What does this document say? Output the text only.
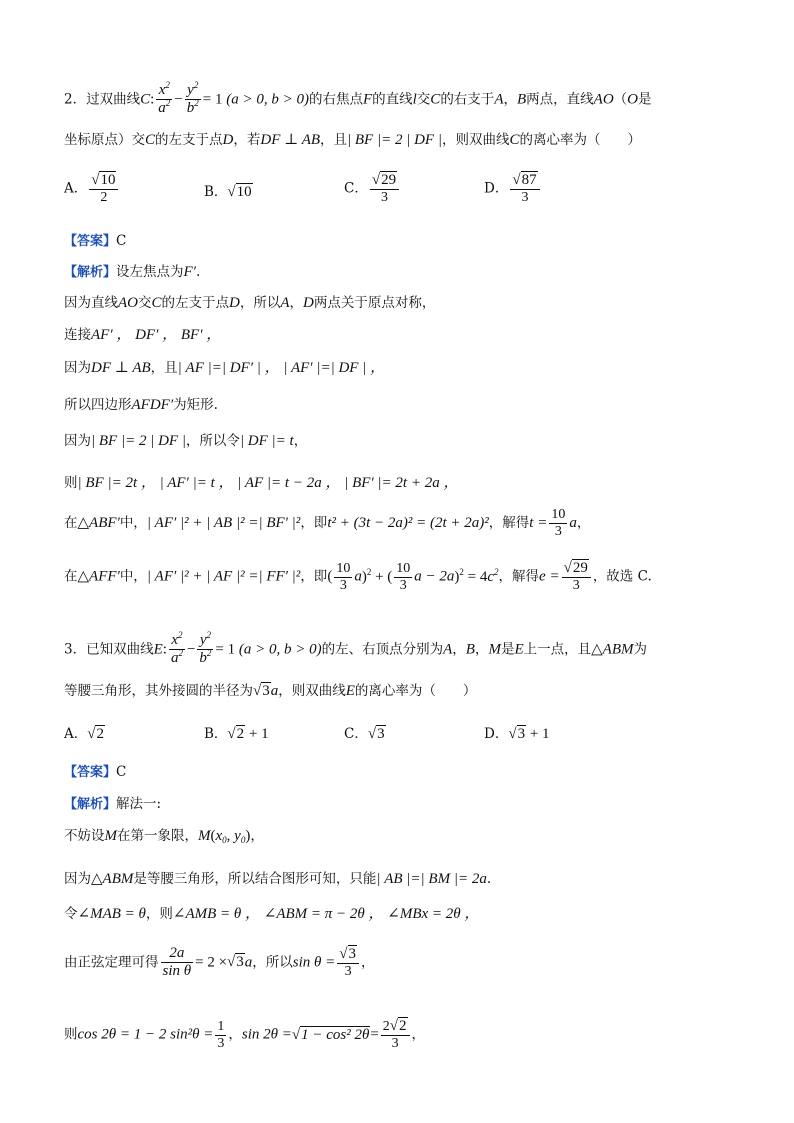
2．过双曲线C: $\frac{x^2}{a^2} - \frac{y^2}{b^2} = 1$ (a > 0, b > 0)的右焦点F的直线l交C的右支于A，B两点，直线AO（O是
坐标原点）交C的左支于点D，若DF ⊥ AB，且| BF |= 2 | DF |，则双曲线C的离心率为（　　）
A． $\frac{√10}{2}$	B．√10	C． $\frac{√29}{3}$	D． $\frac{√87}{3}$
【答案】C
【解析】设左焦点为F′.
因为直线AO交C的左支于点D，所以A，D两点关于原点对称，
连接AF′ ， DF′ ， BF′ ，
因为DF ⊥ AB，且| AF |=| DF′ | ， | AF′ |=| DF | ，
所以四边形AFDF′为矩形.
因为| BF |= 2 | DF |，所以令| DF |= t，
则| BF |= 2t ， | AF′ |= t ， | AF |= t − 2a ， | BF′ |= 2t + 2a ，
在△ABF′中，| AF′ |² + | AB |² =| BF′ |²，即t² + (3t − 2a)² = (2t + 2a)²，解得$t = \frac{10}{3}$ a，
在△AFF′中，| AF′ |² + | AF |² =| FF′ |²，即( $\frac{10}{3} a)^2$ + ( $\frac{10}{3}$ $a - 2a)^2 = 4c^2$，解得$e = \frac{√29}{3}$ ，故选 C.
3．已知双曲线E: $\frac{x^2}{a^2} - \frac{y^2}{b^2} = 1$ (a > 0, b > 0)的左、右顶点分别为A，B，M是E上一点，且△ABM为
等腰三角形，其外接圆的半径为√3a，则双曲线E的离心率为（　　）
A．√2	B．√2 + 1	C．√3	D．√3 + 1
【答案】C
【解析】解法一:
不妨设M在第一象限，$M(x_0$, $y_0$)，
因为△ABM是等腰三角形，所以结合图形可知，只能| AB |=| BM |= 2a.
令∠MAB = θ，则∠AMB = θ ， ∠ABM = π − 2θ ， ∠MBx = 2θ ，
由正弦定理可得 $\frac{2a}{\text{sin θ}} = 2 \times√3a$，所以$\sin \theta = \frac{√3}{3}$ ，
则cos 2θ = 1 − 2 $\sin^2\theta = \frac{1}{3}$ ，sin 2θ =√1 − cos² $2\theta= \frac{2√2}{3}$ ，
